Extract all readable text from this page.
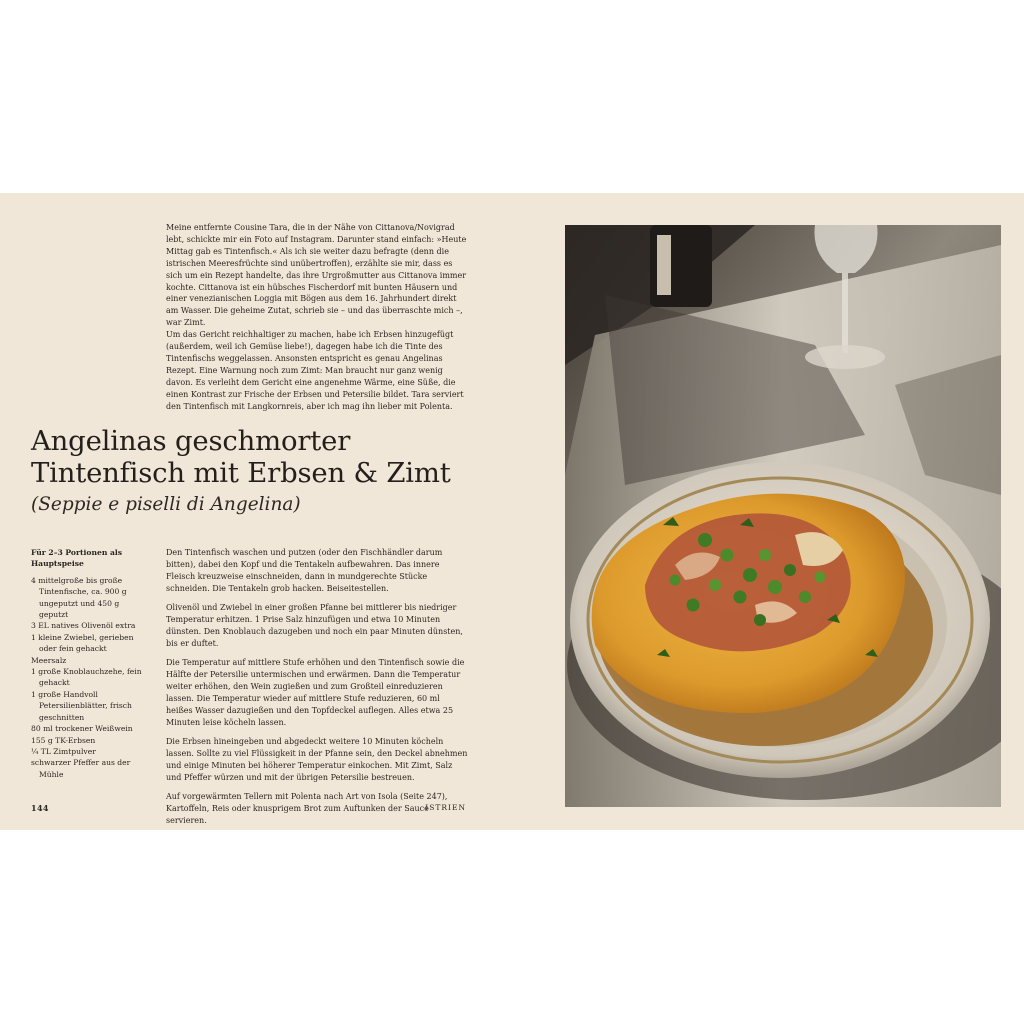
Meine entfernte Cousine Tara, die in der Nähe von Cittanova/Novigrad lebt, schickte mir ein Foto auf Instagram. Darunter stand einfach: »Heute Mittag gab es Tintenfisch.« Als ich sie weiter dazu befragte (denn die istrischen Meeresfrüchte sind unübertroffen), erzählte sie mir, dass es sich um ein Rezept handelte, das ihre Urgroßmutter aus Cittanova immer kochte. Cittanova ist ein hübsches Fischerdorf mit bunten Häusern und einer venezianischen Loggia mit Bögen aus dem 16. Jahrhundert direkt am Wasser. Die geheime Zutat, schrieb sie – und das überraschte mich –, war Zimt.

Um das Gericht reichhaltiger zu machen, habe ich Erbsen hinzugefügt (außerdem, weil ich Gemüse liebe!), dagegen habe ich die Tinte des Tintenfischs weggelassen. Ansonsten entspricht es genau Angelinas Rezept. Eine Warnung noch zum Zimt: Man braucht nur ganz wenig davon. Es verleiht dem Gericht eine angenehme Wärme, eine Süße, die einen Kontrast zur Frische der Erbsen und Petersilie bildet. Tara serviert den Tintenfisch mit Langkornreis, aber ich mag ihn lieber mit Polenta.

Angelinas geschmorter
Tintenfisch mit Erbsen & Zimt
(Seppie e piselli di Angelina)
Für 2–3 Portionen als Hauptspeise
4 mittelgroße bis große Tintenfische, ca. 900 g ungeputzt und 450 g geputzt
3 EL natives Olivenöl extra
1 kleine Zwiebel, gerieben oder fein gehackt
Meersalz
1 große Knoblauchzehe, fein gehackt
1 große Handvoll Petersilienblätter, frisch geschnitten
80 ml trockener Weißwein
155 g TK-Erbsen
¼ TL Zimtpulver
schwarzer Pfeffer aus der Mühle

Den Tintenfisch waschen und putzen (oder den Fischhändler darum bitten), dabei den Kopf und die Tentakeln aufbewahren. Das innere Fleisch kreuzweise einschneiden, dann in mundgerechte Stücke schneiden. Die Tentakeln grob hacken. Beiseitestellen.

Olivenöl und Zwiebel in einer großen Pfanne bei mittlerer bis niedriger Temperatur erhitzen. 1 Prise Salz hinzufügen und etwa 10 Minuten dünsten. Den Knoblauch dazugeben und noch ein paar Minuten dünsten, bis er duftet.

Die Temperatur auf mittlere Stufe erhöhen und den Tintenfisch sowie die Hälfte der Petersilie untermischen und erwärmen. Dann die Temperatur weiter erhöhen, den Wein zugießen und zum Großteil einreduzieren lassen. Die Temperatur wieder auf mittlere Stufe reduzieren, 60 ml heißes Wasser dazugießen und den Topfdeckel auflegen. Alles etwa 25 Minuten leise köcheln lassen.

Die Erbsen hineingeben und abgedeckt weitere 10 Minuten köcheln lassen. Sollte zu viel Flüssigkeit in der Pfanne sein, den Deckel abnehmen und einige Minuten bei höherer Temperatur einkochen. Mit Zimt, Salz und Pfeffer würzen und mit der übrigen Petersilie bestreuen.

Auf vorgewärmten Tellern mit Polenta nach Art von Isola (Seite 247), Kartoffeln, Reis oder knusprigem Brot zum Auftunken der Sauce servieren.

144	ISTRIEN
